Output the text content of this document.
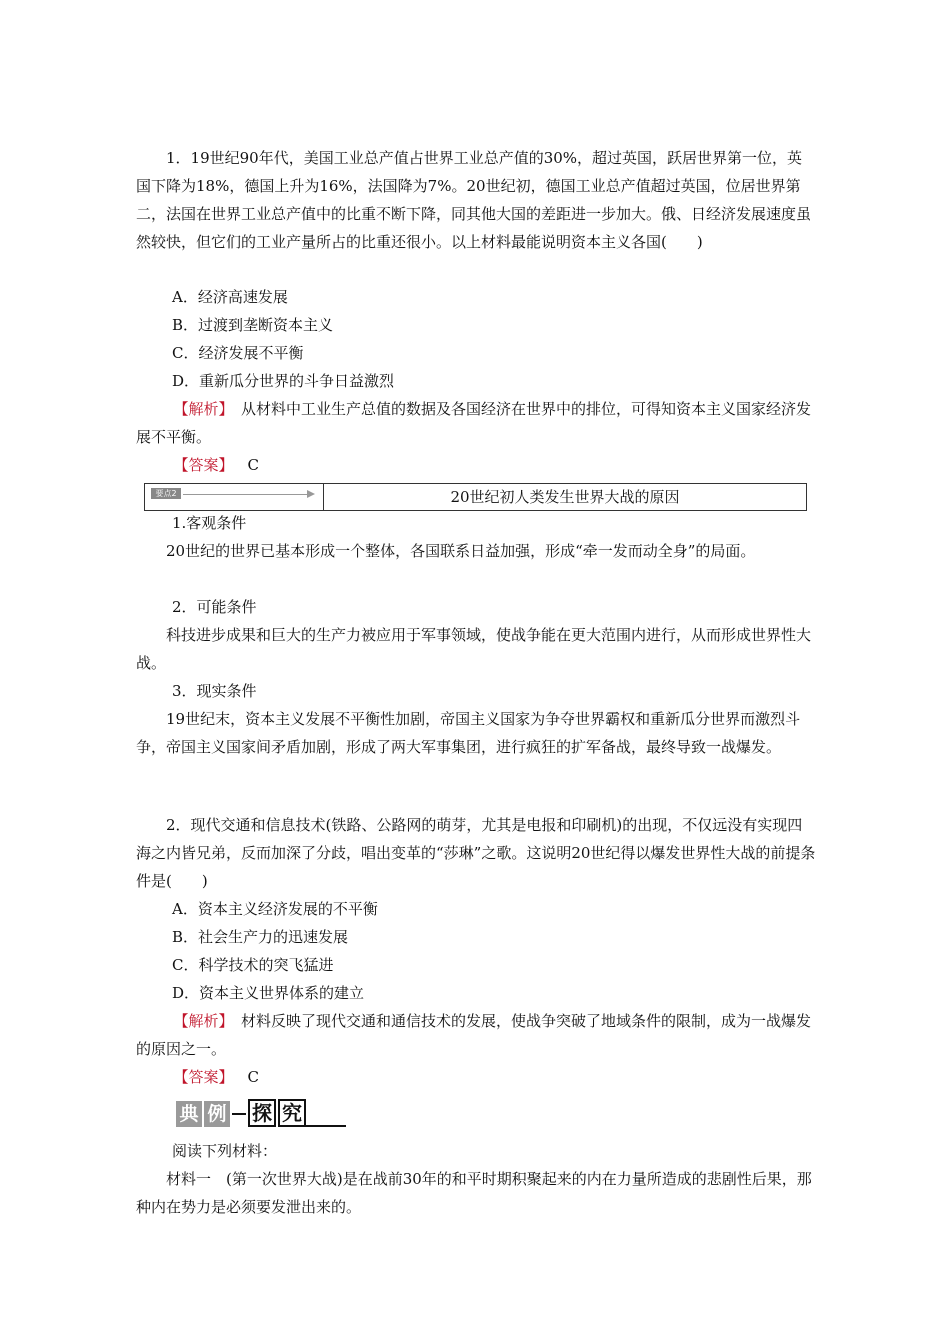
1．19世纪90年代，美国工业总产值占世界工业总产值的30%，超过英国，跃居世界第一位，英国下降为18%，德国上升为16%，法国降为7%。20世纪初，德国工业总产值超过英国，位居世界第二，法国在世界工业总产值中的比重不断下降，同其他大国的差距进一步加大。俄、日经济发展速度虽然较快，但它们的工业产量所占的比重还很小。以上材料最能说明资本主义各国(　　)

A．经济高速发展

B．过渡到垄断资本主义

C．经济发展不平衡

D．重新瓜分世界的斗争日益激烈

【解析】　 从材料中工业生产总值的数据及各国经济在世界中的排位，可得知资本主义国家经济发展不平衡。

【答案】 C

要点2	20世纪初人类发生世界大战的原因

1.客观条件

20世纪的世界已基本形成一个整体，各国联系日益加强，形成“牵一发而动全身”的局面。

2．可能条件

科技进步成果和巨大的生产力被应用于军事领域，使战争能在更大范围内进行，从而形成世界性大战。

3．现实条件

19世纪末，资本主义发展不平衡性加剧，帝国主义国家为争夺世界霸权和重新瓜分世界而激烈斗争，帝国主义国家间矛盾加剧，形成了两大军事集团，进行疯狂的扩军备战，最终导致一战爆发。

2．现代交通和信息技术(铁路、公路网的萌芽，尤其是电报和印刷机)的出现，不仅远没有实现四海之内皆兄弟，反而加深了分歧，唱出变革的“莎琳”之歌。这说明20世纪得以爆发世界性大战的前提条件是(　　)

A．资本主义经济发展的不平衡

B．社会生产力的迅速发展

C．科学技术的突飞猛进

D．资本主义世界体系的建立

【解析】　 材料反映了现代交通和通信技术的发展，使战争突破了地域条件的限制，成为一战爆发的原因之一。

【答案】 C

典 例 探 究

阅读下列材料：

材料一　(第一次世界大战)是在战前30年的和平时期积聚起来的内在力量所造成的悲剧性后果，那种内在势力是必须要发泄出来的。
